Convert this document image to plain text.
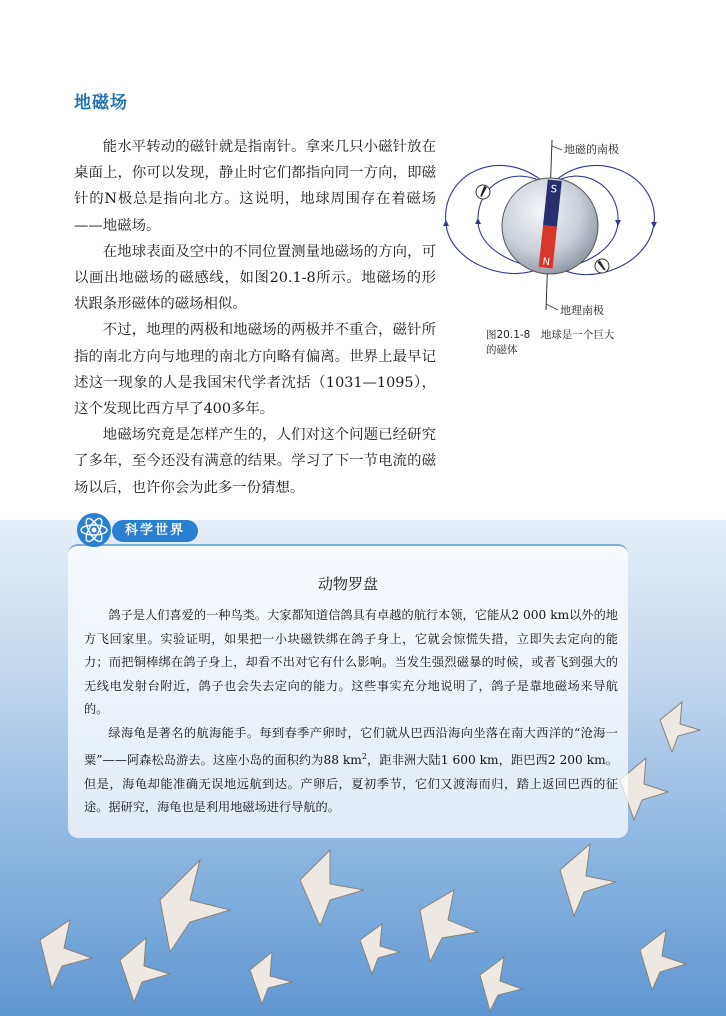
地磁场

能水平转动的磁针就是指南针。拿来几只小磁针放在桌面上，你可以发现，静止时它们都指向同一方向，即磁针的N极总是指向北方。这说明，地球周围存在着磁场——地磁场。

在地球表面及空中的不同位置测量地磁场的方向，可以画出地磁场的磁感线，如图20.1-8所示。地磁场的形状跟条形磁体的磁场相似。

不过，地理的两极和地磁场的两极并不重合，磁针所指的南北方向与地理的南北方向略有偏离。世界上最早记述这一现象的人是我国宋代学者沈括（1031—1095），这个发现比西方早了400多年。

地磁场究竟是怎样产生的，人们对这个问题已经研究了多年，至今还没有满意的结果。学习了下一节电流的磁场以后，也许你会为此多一份猜想。

S
N
地磁的南极
地理南极
图20.1-8　地球是一个巨大的磁体
科学世界
动物罗盘

鸽子是人们喜爱的一种鸟类。大家都知道信鸽具有卓越的航行本领，它能从2 000 km以外的地方飞回家里。实验证明，如果把一小块磁铁绑在鸽子身上，它就会惊慌失措，立即失去定向的能力；而把铜棒绑在鸽子身上，却看不出对它有什么影响。当发生强烈磁暴的时候，或者飞到强大的无线电发射台附近，鸽子也会失去定向的能力。这些事实充分地说明了，鸽子是靠地磁场来导航的。

绿海龟是著名的航海能手。每到春季产卵时，它们就从巴西沿海向坐落在南大西洋的“沧海一粟”——阿森松岛游去。这座小岛的面积约为88 $km^2$，距非洲大陆1 600 km，距巴西2 200 km。但是，海龟却能准确无误地远航到达。产卵后，夏初季节，它们又渡海而归，踏上返回巴西的征途。据研究，海龟也是利用地磁场进行导航的。
